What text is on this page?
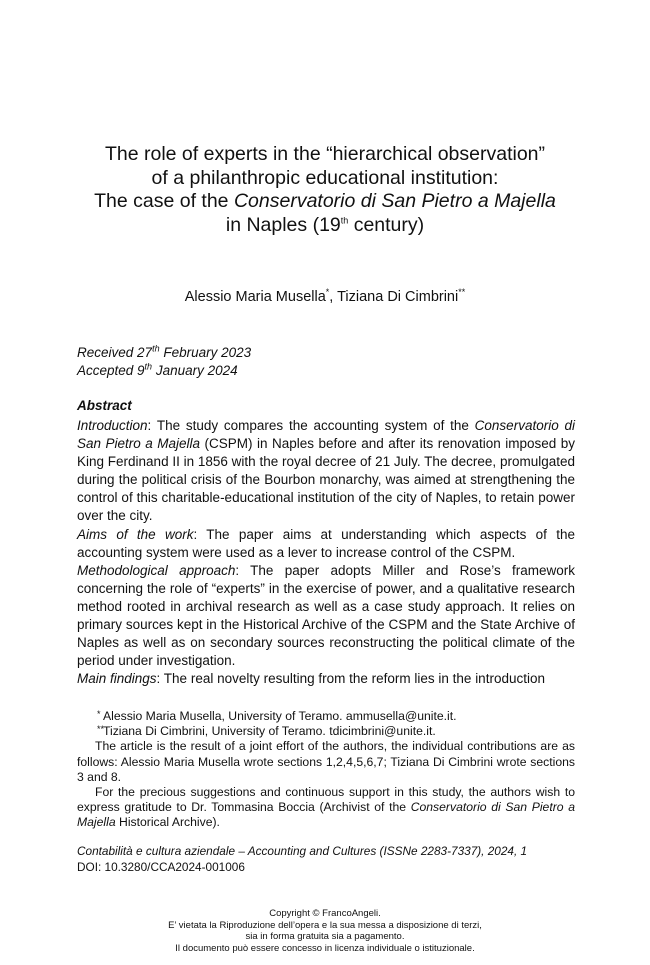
The role of experts in the “hierarchical observation”
of a philanthropic educational institution:
The case of the Conservatorio di San Pietro a Majella
in Naples (19th century)
Alessio Maria Musella*, Tiziana Di Cimbrini**
Received 27th February 2023
Accepted 9th January 2024
Abstract

Introduction: The study compares the accounting system of the Conservatorio di San Pietro a Majella (CSPM) in Naples before and after its renovation imposed by King Ferdinand II in 1856 with the royal decree of 21 July. The decree, promulgated during the political crisis of the Bourbon monarchy, was aimed at strengthening the control of this charitable-educational institution of the city of Naples, to retain power over the city.

Aims of the work: The paper aims at understanding which aspects of the accounting system were used as a lever to increase control of the CSPM.

Methodological approach: The paper adopts Miller and Rose’s framework concerning the role of “experts” in the exercise of power, and a qualitative research method rooted in archival research as well as a case study approach. It relies on primary sources kept in the Historical Archive of the CSPM and the State Archive of Naples as well as on secondary sources reconstructing the political climate of the period under investigation.

Main findings: The real novelty resulting from the reform lies in the introduction

* Alessio Maria Musella, University of Teramo. ammusella@unite.it.

**
Tiziana Di Cimbrini, University of Teramo. tdicimbrini@unite.it.

The article is the result of a joint effort of the authors, the individual contributions are as follows: Alessio Maria Musella wrote sections 1,2,4,5,6,7; Tiziana Di Cimbrini wrote sections 3 and 8.

For the precious suggestions and continuous support in this study, the authors wish to express gratitude to Dr. Tommasina Boccia (Archivist of the Conservatorio di San Pietro a Majella Historical Archive).

Contabilità e cultura aziendale – Accounting and Cultures (ISSNe 2283-7337), 2024, 1
DOI: 10.3280/CCA2024-001006
Copyright © FrancoAngeli.
E’ vietata la Riproduzione dell’opera e la sua messa a disposizione di terzi,
sia in forma gratuita sia a pagamento.
Il documento può essere concesso in licenza individuale o istituzionale.
